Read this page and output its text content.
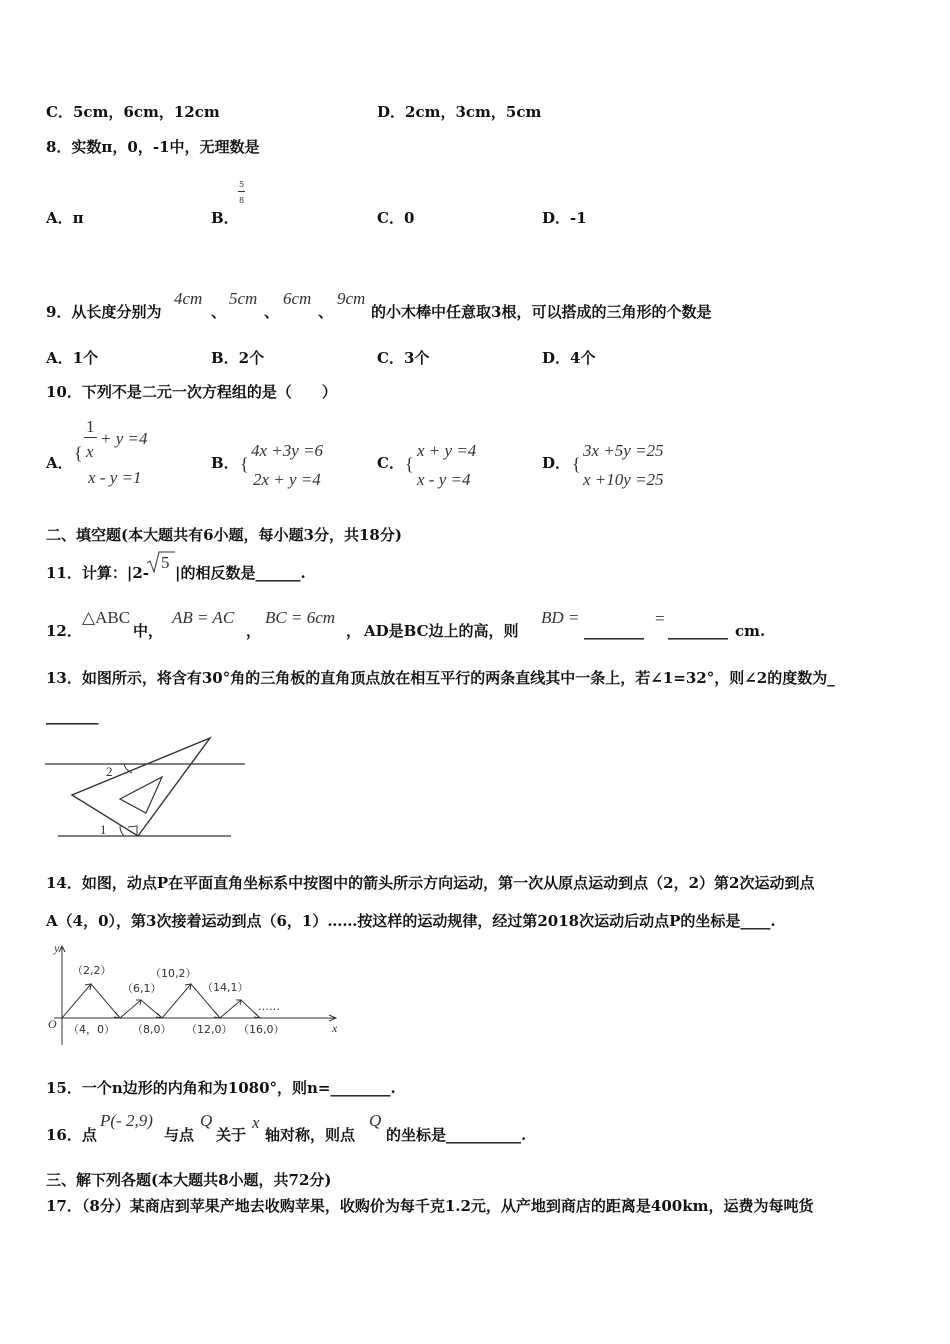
C．5cm，6cm，12cm	D．2cm，3cm，5cm
8．实数π，0，-1中，无理数是
A．π	B．
5
8
C．0	D．-1
9．从长度分别为
4cm
、
5cm
、
6cm
、
9cm
的小木棒中任意取3根，可以搭成的三角形的个数是
A．1个	B．2个	C．3个	D．4个
10．下列不是二元一次方程组的是（　　）
A． {
1
x
+ y =4
x - y =1
B． {
4x +3y =6
2x + y =4
C． {
x + y =4
x - y =4
D． {
3x +5y =25
x +10y =25
二、填空题(本大题共有6小题，每小题3分，共18分)
11．计算：|2-
5
|的相反数是______.
12．
△ABC
中，
AB = AC
，
BC = 6cm
， AD是BC边上的高，则
BD =
________
=
________ cm.
13．如图所示，将含有30°角的三角板的直角顶点放在相互平行的两条直线其中一条上，若∠1=32°，则∠2的度数为_
_______
2
1
14．如图，动点P在平面直角坐标系中按图中的箭头所示方向运动，第一次从原点运动到点（2，2）第2次运动到点
A（4，0），第3次接着运动到点（6，1）……按这样的运动规律，经过第2018次运动后动点P的坐标是____.
y
x
O
（2,2）
（6,1）
（10,2）
（14,1）
……
（4，0） （8,0） （12,0） （16,0）
15．一个n边形的内角和为1080°，则n=________.
16．点
P(- 2,9)
与点
Q
关于
x
轴对称，则点
Q
的坐标是__________.
三、解下列各题(本大题共8小题，共72分)
17．（8分）某商店到苹果产地去收购苹果，收购价为每千克1.2元，从产地到商店的距离是400km，运费为每吨货
